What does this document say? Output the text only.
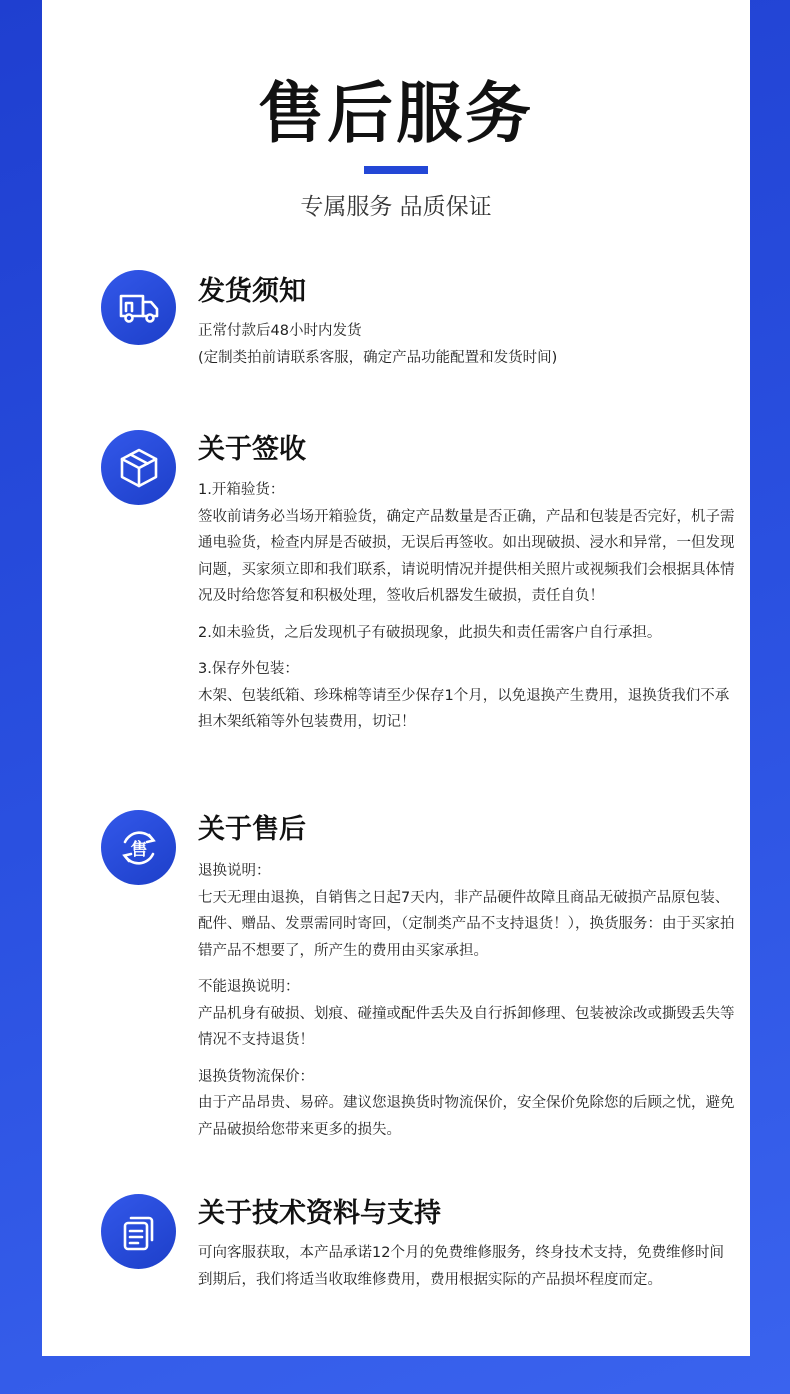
售后服务
专属服务 品质保证
发货须知

正常付款后48小时内发货

(定制类拍前请联系客服，确定产品功能配置和发货时间)

关于签收

1.开箱验货：
签收前请务必当场开箱验货，确定产品数量是否正确，产品和包装是否完好，机子需通电验货，检查内屏是否破损，无误后再签收。如出现破损、浸水和异常，一但发现问题，买家须立即和我们联系，请说明情况并提供相关照片或视频我们会根据具体情况及时给您答复和积极处理，签收后机器发生破损，责任自负！

2.如未验货，之后发现机子有破损现象，此损失和责任需客户自行承担。

3.保存外包装：
木架、包装纸箱、珍珠棉等请至少保存1个月，以免退换产生费用，退换货我们不承担木架纸箱等外包装费用，切记！

售
关于售后

退换说明：
七天无理由退换，自销售之日起7天内，非产品硬件故障且商品无破损产品原包装、配件、赠品、发票需同时寄回，（定制类产品不支持退货！），换货服务：由于买家拍错产品不想要了，所产生的费用由买家承担。

不能退换说明：
产品机身有破损、划痕、碰撞或配件丢失及自行拆卸修理、包装被涂改或撕毁丢失等情况不支持退货！

退换货物流保价：
由于产品昂贵、易碎。建议您退换货时物流保价，安全保价免除您的后顾之忧，避免产品破损给您带来更多的损失。

关于技术资料与支持

可向客服获取，本产品承诺12个月的免费维修服务，终身技术支持，免费维修时间到期后，我们将适当收取维修费用，费用根据实际的产品损坏程度而定。
